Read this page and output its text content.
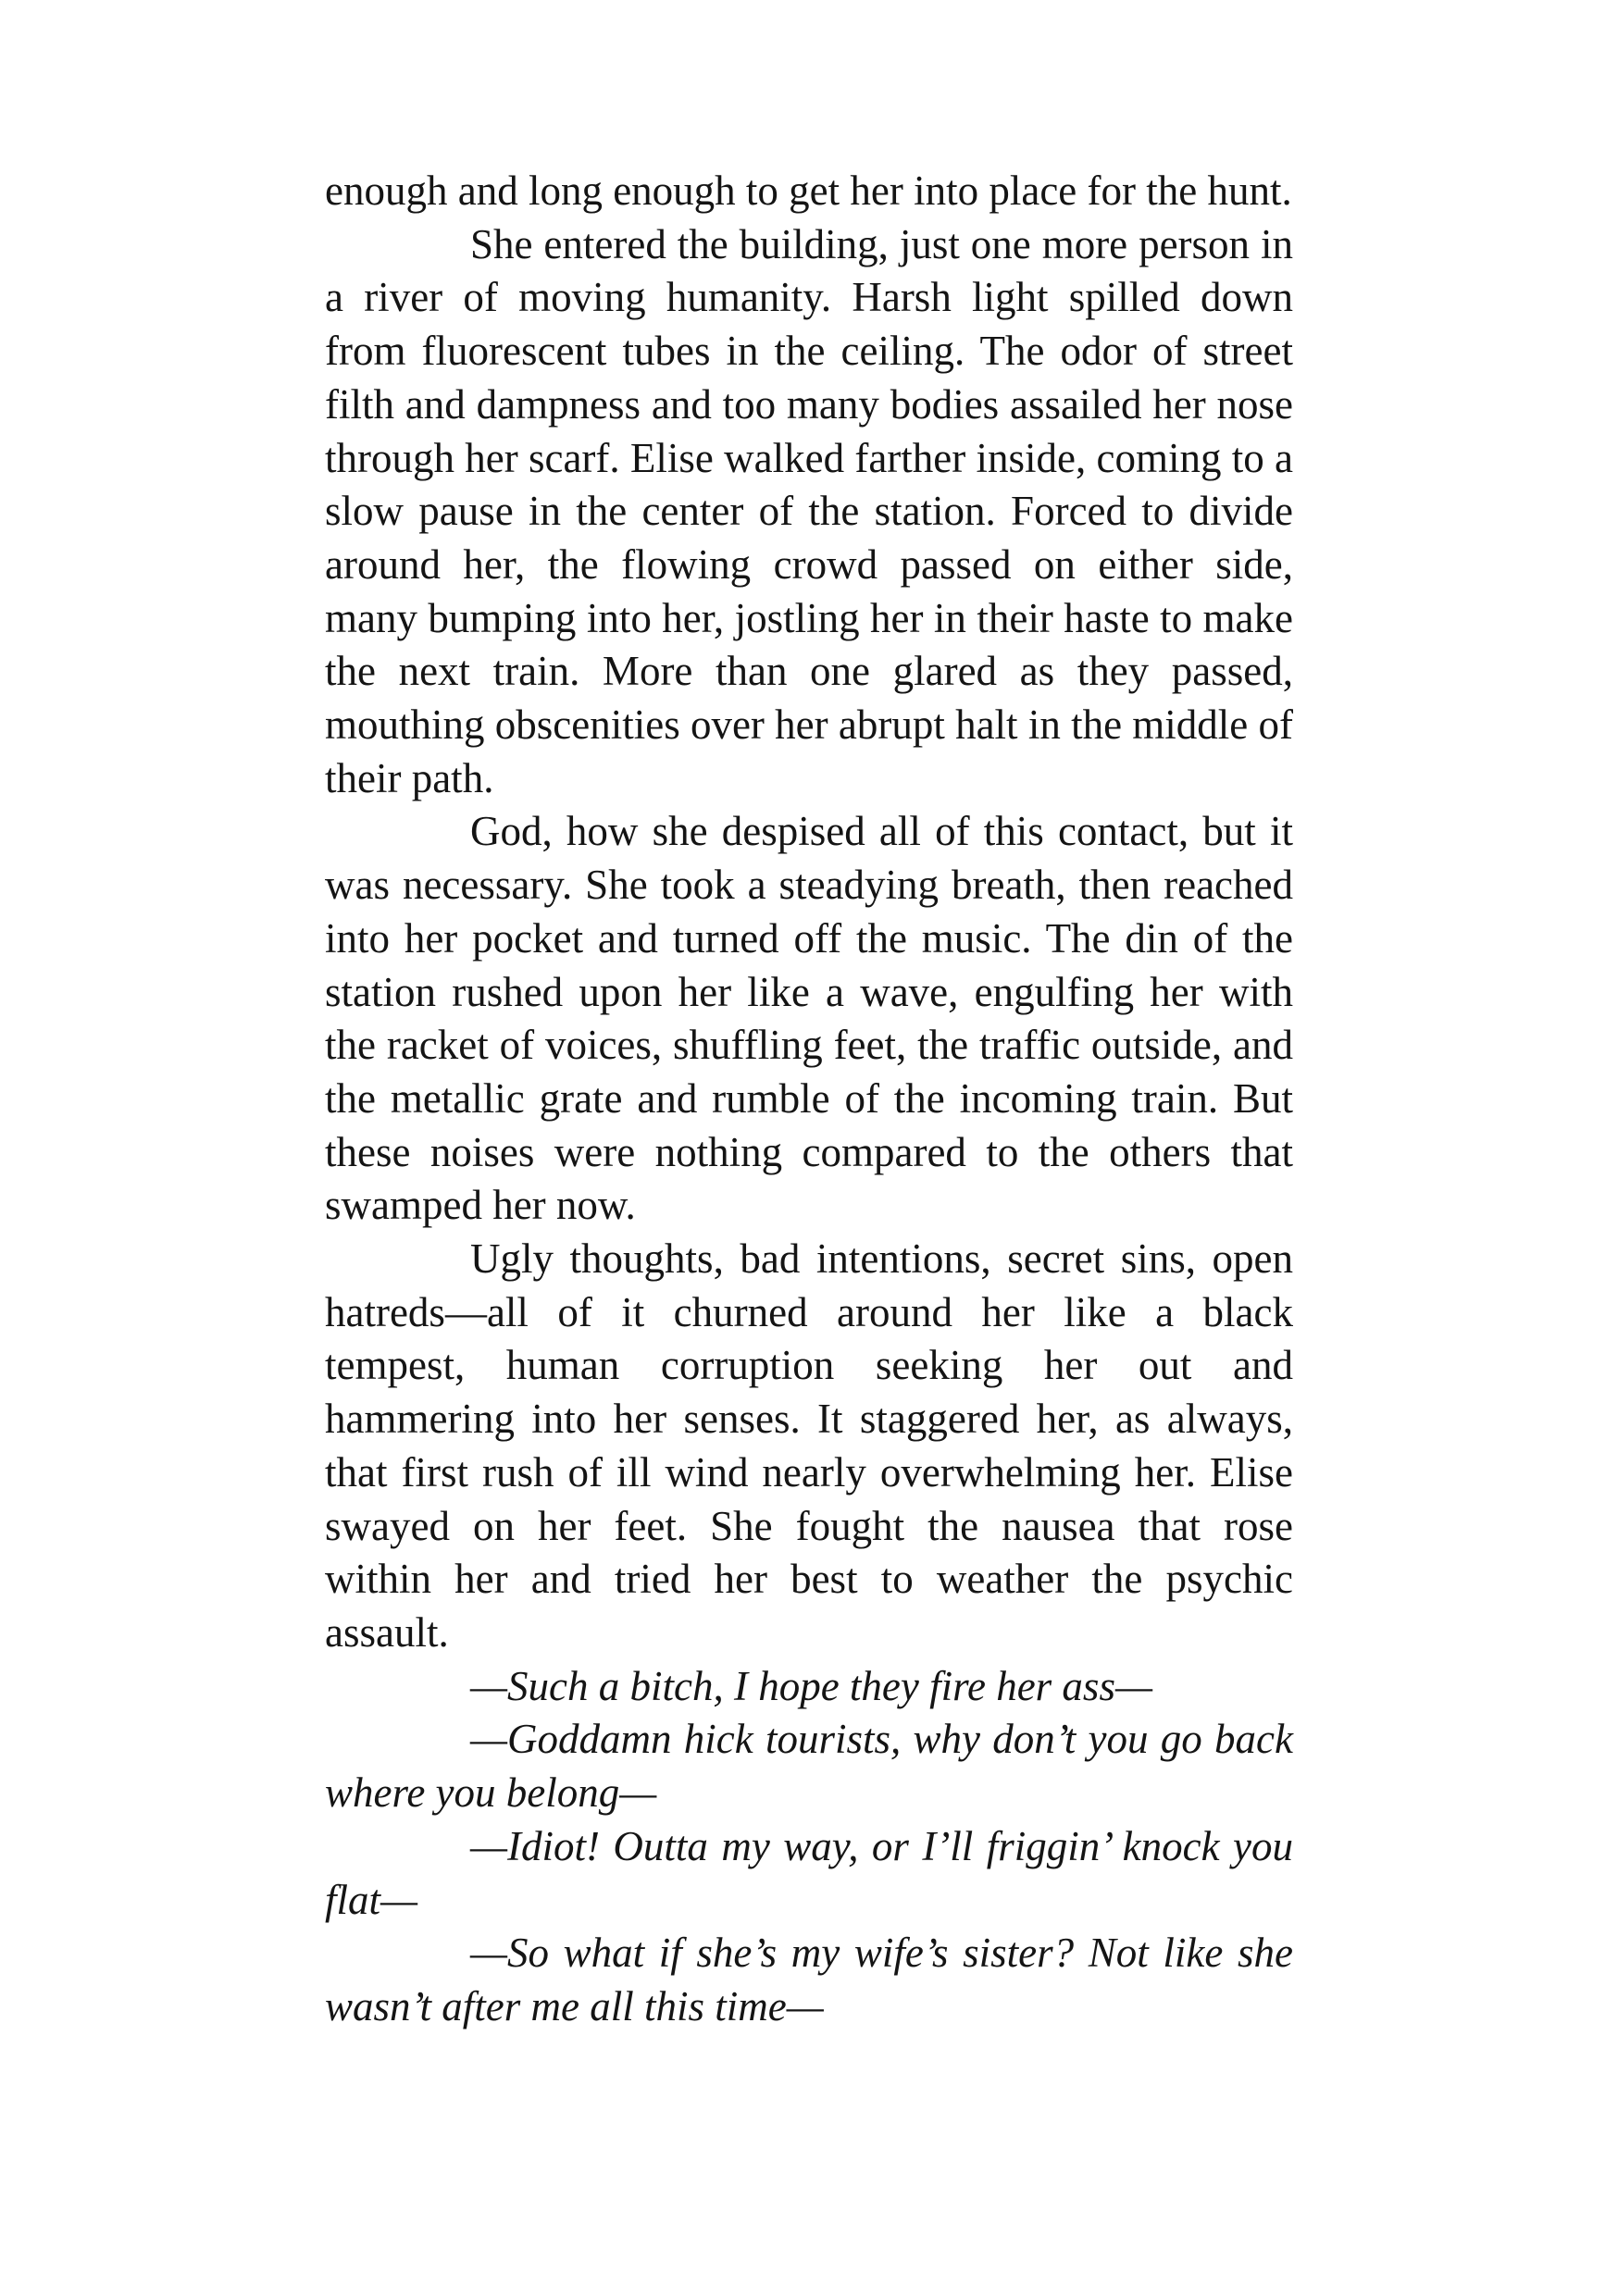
enough and long enough to get her into place for the hunt.

She entered the building, just one more person in a river of moving humanity. Harsh light spilled down from fluorescent tubes in the ceiling. The odor of street filth and dampness and too many bodies assailed her nose through her scarf. Elise walked farther inside, coming to a slow pause in the center of the station. Forced to divide around her, the flowing crowd passed on either side, many bumping into her, jostling her in their haste to make the next train. More than one glared as they passed, mouthing obscenities over her abrupt halt in the middle of their path.

God, how she despised all of this contact, but it was necessary. She took a steadying breath, then reached into her pocket and turned off the music. The din of the station rushed upon her like a wave, engulfing her with the racket of voices, shuffling feet, the traffic outside, and the metallic grate and rumble of the incoming train. But these noises were nothing compared to the others that swamped her now.

Ugly thoughts, bad intentions, secret sins, open hatreds—all of it churned around her like a black tempest, human corruption seeking her out and hammering into her senses. It staggered her, as always, that first rush of ill wind nearly overwhelming her. Elise swayed on her feet. She fought the nausea that rose within her and tried her best to weather the psychic assault.

—Such a bitch, I hope they fire her ass—

—Goddamn hick tourists, why don’t you go back where you belong—

—Idiot! Outta my way, or I’ll friggin’ knock you flat—

—So what if she’s my wife’s sister? Not like she wasn’t after me all this time—
